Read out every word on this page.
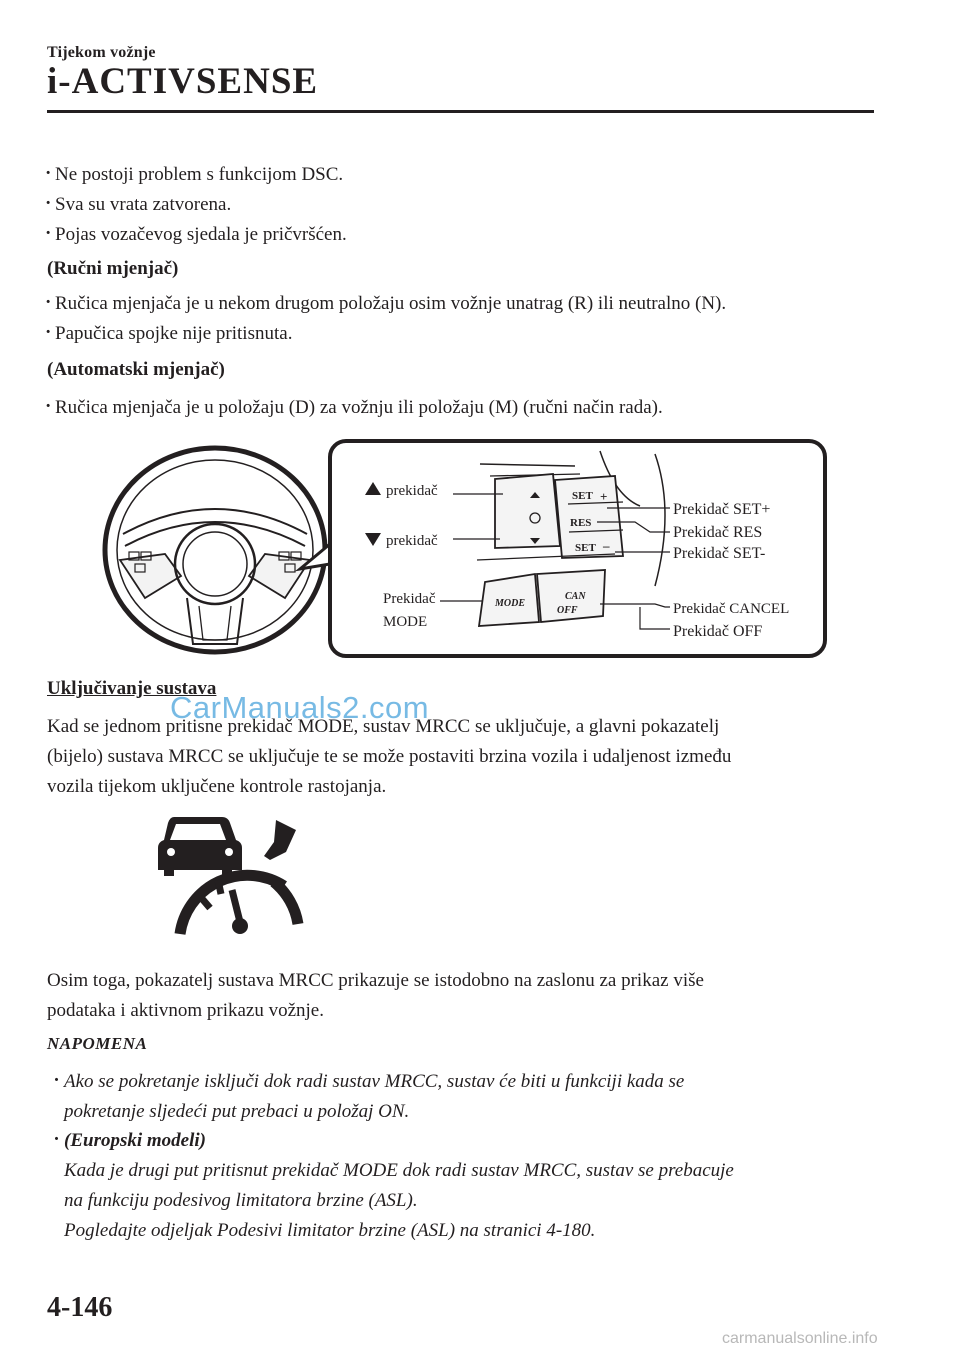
Tijekom vožnje
i-ACTIVSENSE
· Ne postoji problem s funkcijom DSC.
· Sva su vrata zatvorena.
· Pojas vozačevog sjedala je pričvršćen.
(Ručni mjenjač)
· Ručica mjenjača je u nekom drugom položaju osim vožnje unatrag (R) ili neutralno (N).
· Papučica spojke nije pritisnuta.
(Automatski mjenjač)
· Ručica mjenjača je u položaju (D) za vožnju ili položaju (M) (ručni način rada).
SET +
RES
SET –
MODE
CAN
OFF
prekidač
prekidač
Prekidač
MODE
Prekidač SET+
Prekidač RES
Prekidač SET-
Prekidač CANCEL
Prekidač OFF
Uključivanje sustava
CarManuals2.com
Kad se jednom pritisne prekidač MODE, sustav MRCC se uključuje, a glavni pokazatelj
(bijelo) sustava MRCC se uključuje te se može postaviti brzina vozila i udaljenost između
vozila tijekom uključene kontrole rastojanja.
Osim toga, pokazatelj sustava MRCC prikazuje se istodobno na zaslonu za prikaz više
podataka i aktivnom prikazu vožnje.
NAPOMENA
· Ako se pokretanje isključi dok radi sustav MRCC, sustav će biti u funkciji kada se
pokretanje sljedeći put prebaci u položaj ON.
· (Europski modeli)
Kada je drugi put pritisnut prekidač MODE dok radi sustav MRCC, sustav se prebacuje
na funkciju podesivog limitatora brzine (ASL).
Pogledajte odjeljak Podesivi limitator brzine (ASL) na stranici 4-180.
4-146
carmanualsonline.info
